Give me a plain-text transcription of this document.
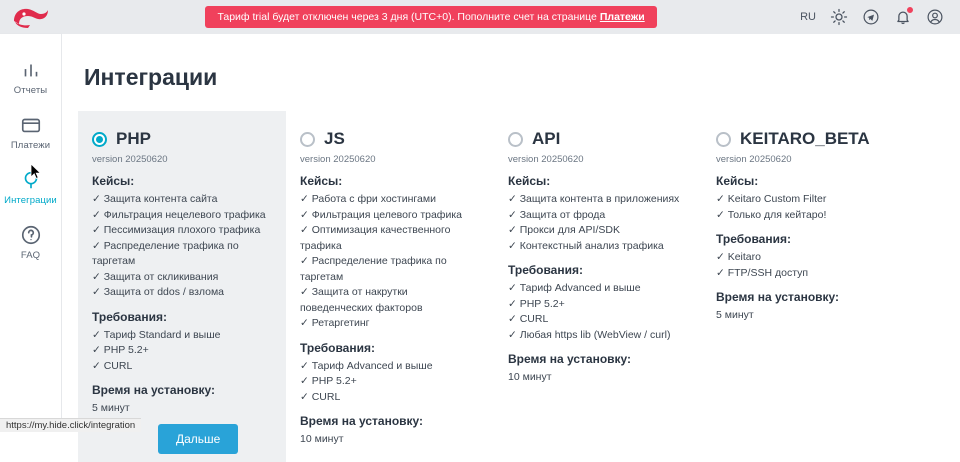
Отчеты
Платежи
Интеграции
FAQ
Тариф trial будет отключен через 3 дня (UTC+0). Пополните счет на странице Платежи	RU
Интеграции
PHP
version 20250620
Кейсы:
✓ Защита контента сайта
✓ Фильтрация нецелевого трафика
✓ Пессимизация плохого трафика
✓ Распределение трафика по таргетам
✓ Защита от скликивания
✓ Защита от ddos / взлома
Требования:
✓ Тариф Standard и выше
✓ PHP 5.2+
✓ CURL
Время на установку:
5 минут
Дальше
JS
version 20250620
Кейсы:
✓ Работа с фри хостингами
✓ Фильтрация целевого трафика
✓ Оптимизация качественного трафика
✓ Распределение трафика по таргетам
✓ Защита от накрутки поведенческих факторов
✓ Ретаргетинг
Требования:
✓ Тариф Advanced и выше
✓ PHP 5.2+
✓ CURL
Время на установку:
10 минут
API
version 20250620
Кейсы:
✓ Защита контента в приложениях
✓ Защита от фрода
✓ Прокси для API/SDK
✓ Контекстный анализ трафика
Требования:
✓ Тариф Advanced и выше
✓ PHP 5.2+
✓ CURL
✓ Любая https lib (WebView / curl)
Время на установку:
10 минут
KEITARO_BETA
version 20250620
Кейсы:
✓ Keitaro Custom Filter
✓ Только для кейтаро!
Требования:
✓ Keitaro
✓ FTP/SSH доступ
Время на установку:
5 минут
https://my.hide.click/integration
